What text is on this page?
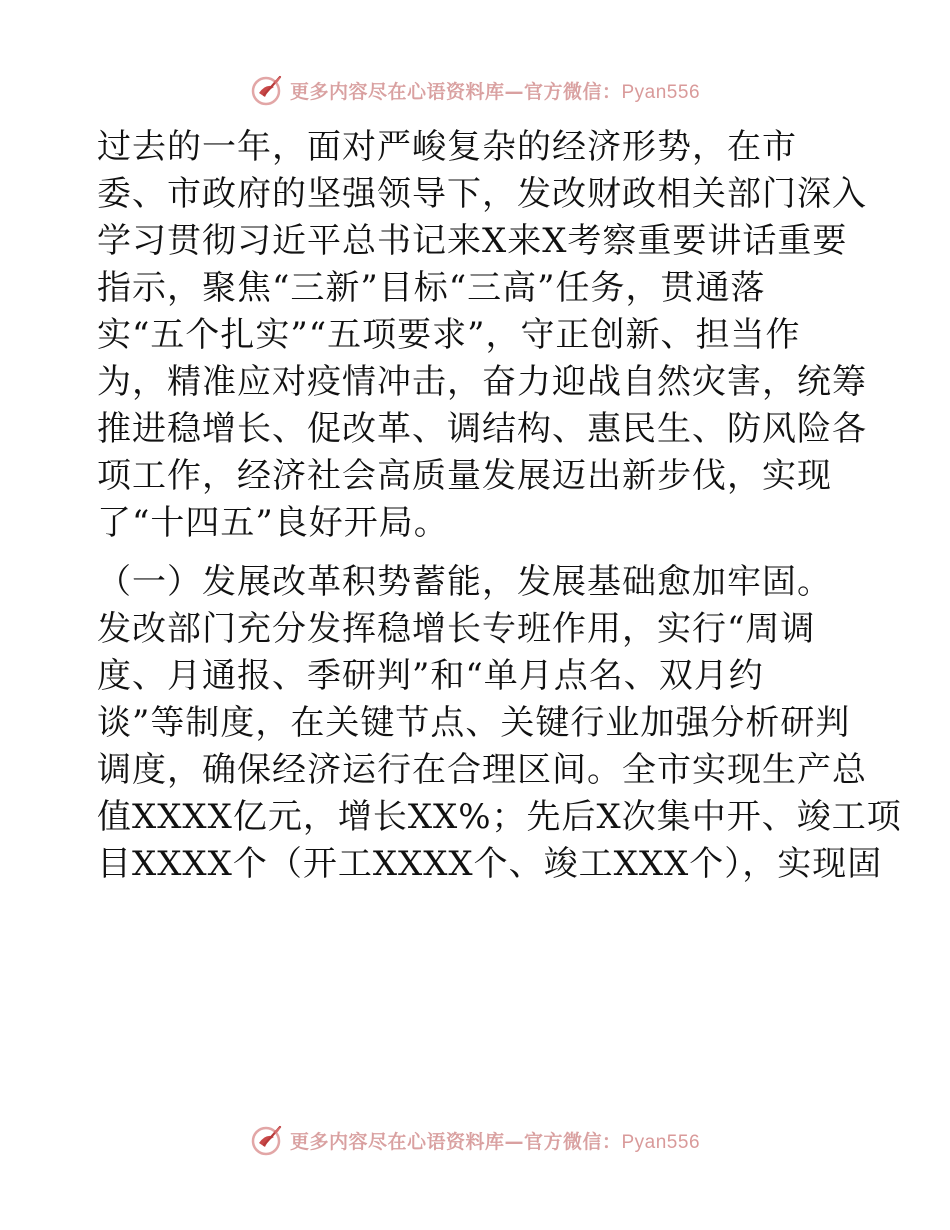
更多内容尽在心语资料库—官方微信：Pyan556

过去的一年，面对严峻复杂的经济形势，在市
委、市政府的坚强领导下，发改财政相关部门深入
学习贯彻习近平总书记来X来X考察重要讲话重要
指示，聚焦“三新”目标“三高”任务，贯通落
实“五个扎实”“五项要求”，守正创新、担当作
为，精准应对疫情冲击，奋力迎战自然灾害，统筹
推进稳增长、促改革、调结构、惠民生、防风险各
项工作，经济社会高质量发展迈出新步伐，实现
了“十四五”良好开局。

（一）发展改革积势蓄能，发展基础愈加牢固。
发改部门充分发挥稳增长专班作用，实行“周调
度、月通报、季研判”和“单月点名、双月约
谈”等制度，在关键节点、关键行业加强分析研判
调度，确保经济运行在合理区间。全市实现生产总
值XXXX亿元，增长XX%；先后X次集中开、竣工项
目XXXX个（开工XXXX个、竣工XXX个），实现固

更多内容尽在心语资料库—官方微信：Pyan556
